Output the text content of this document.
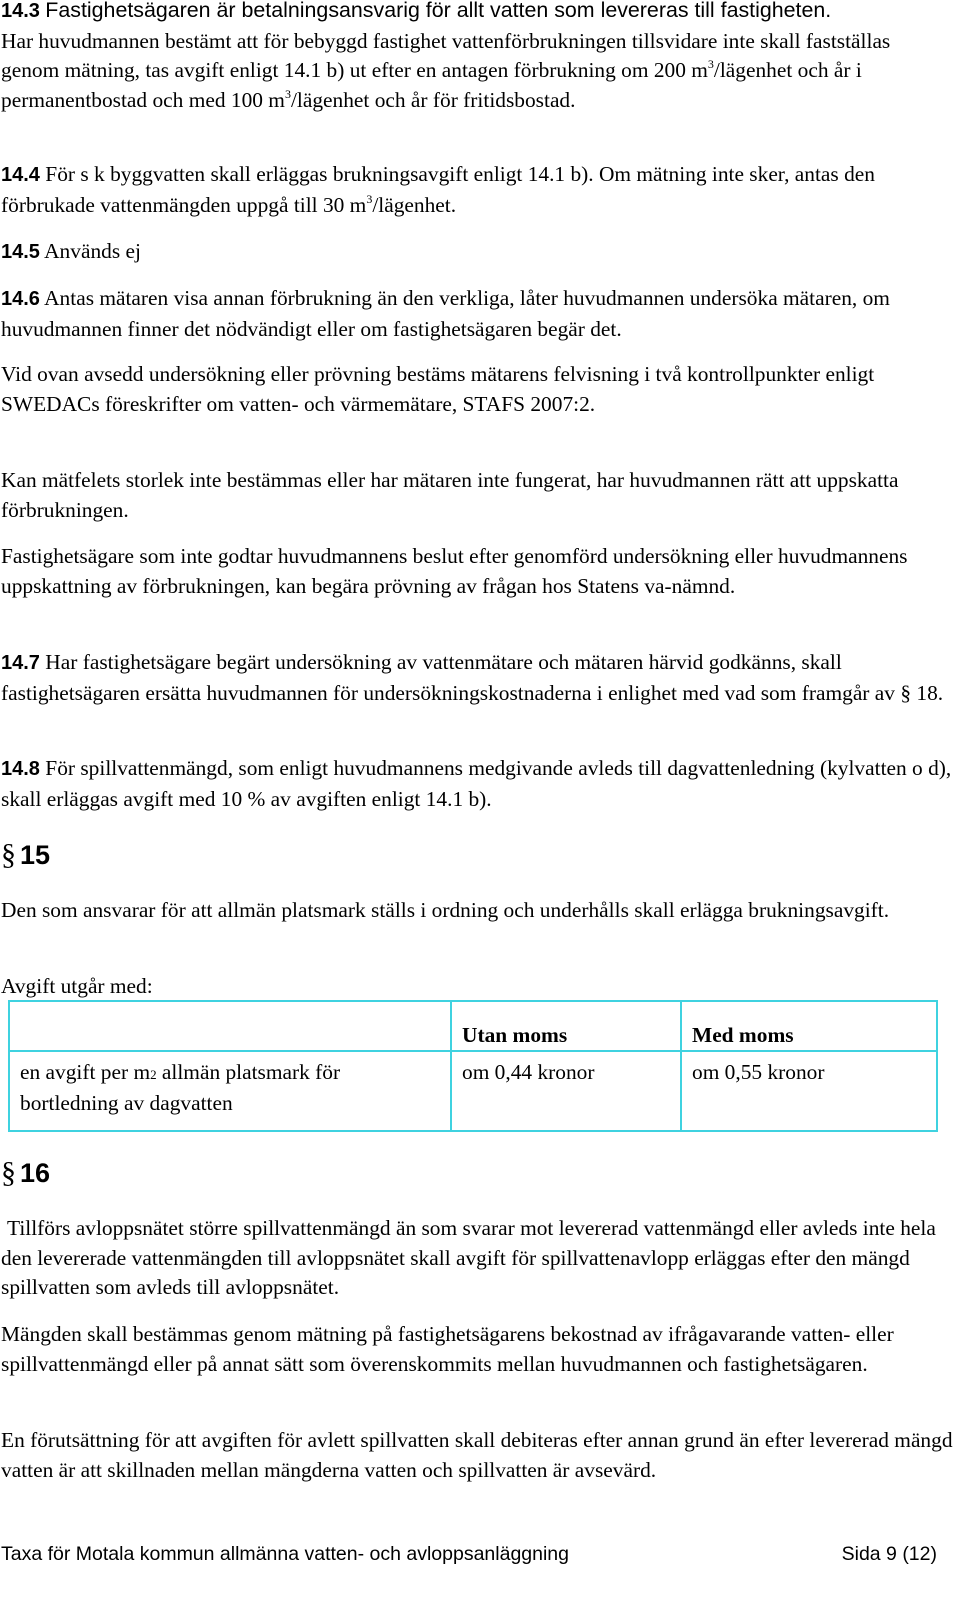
14.3 Fastighetsägaren är betalningsansvarig för allt vatten som levereras till fastigheten.
Har huvudmannen bestämt att för bebyggd fastighet vattenförbrukningen tillsvidare inte skall fastställas genom mätning, tas avgift enligt 14.1 b) ut efter en antagen förbrukning om 200 $m^3$/lägenhet och år i permanentbostad och med 100 $m^3$/lägenhet och år för fritidsbostad.

14.4 För s k byggvatten skall erläggas brukningsavgift enligt 14.1 b). Om mätning inte sker, antas den förbrukade vattenmängden uppgå till 30 $m^3$/lägenhet.

14.5 Används ej

14.6 Antas mätaren visa annan förbrukning än den verkliga, låter huvudmannen undersöka mätaren, om huvudmannen finner det nödvändigt eller om fastighetsägaren begär det.

Vid ovan avsedd undersökning eller prövning bestäms mätarens felvisning i två kontrollpunkter enligt SWEDACs föreskrifter om vatten- och värmemätare, STAFS 2007:2.

Kan mätfelets storlek inte bestämmas eller har mätaren inte fungerat, har huvudmannen rätt att uppskatta förbrukningen.

Fastighetsägare som inte godtar huvudmannens beslut efter genomförd undersökning eller huvudmannens uppskattning av förbrukningen, kan begära prövning av frågan hos Statens va-nämnd.

14.7 Har fastighetsägare begärt undersökning av vattenmätare och mätaren härvid godkänns, skall fastighetsägaren ersätta huvudmannen för undersökningskostnaderna i enlighet med vad som framgår av § 18.

14.8 För spillvattenmängd, som enligt huvudmannens medgivande avleds till dagvattenledning (kylvatten o d), skall erläggas avgift med 10 % av avgiften enligt 14.1 b).

§ 15

Den som ansvarar för att allmän platsmark ställs i ordning och underhålls skall erlägga brukningsavgift.

Avgift utgår med:

	Utan moms	Med moms
en avgift per m2 allmän platsmark för bortledning av dagvatten	om 0,44 kronor	om 0,55 kronor
§ 16

Tillförs avloppsnätet större spillvattenmängd än som svarar mot levererad vattenmängd eller avleds inte hela den levererade vattenmängden till avloppsnätet skall avgift för spillvattenavlopp erläggas efter den mängd spillvatten som avleds till avloppsnätet.

Mängden skall bestämmas genom mätning på fastighetsägarens bekostnad av ifrågavarande vatten- eller spillvattenmängd eller på annat sätt som överenskommits mellan huvudmannen och fastighetsägaren.

En förutsättning för att avgiften för avlett spillvatten skall debiteras efter annan grund än efter levererad mängd vatten är att skillnaden mellan mängderna vatten och spillvatten är avsevärd.

Taxa för Motala kommun allmänna vatten- och avloppsanläggning	Sida 9 (12)
